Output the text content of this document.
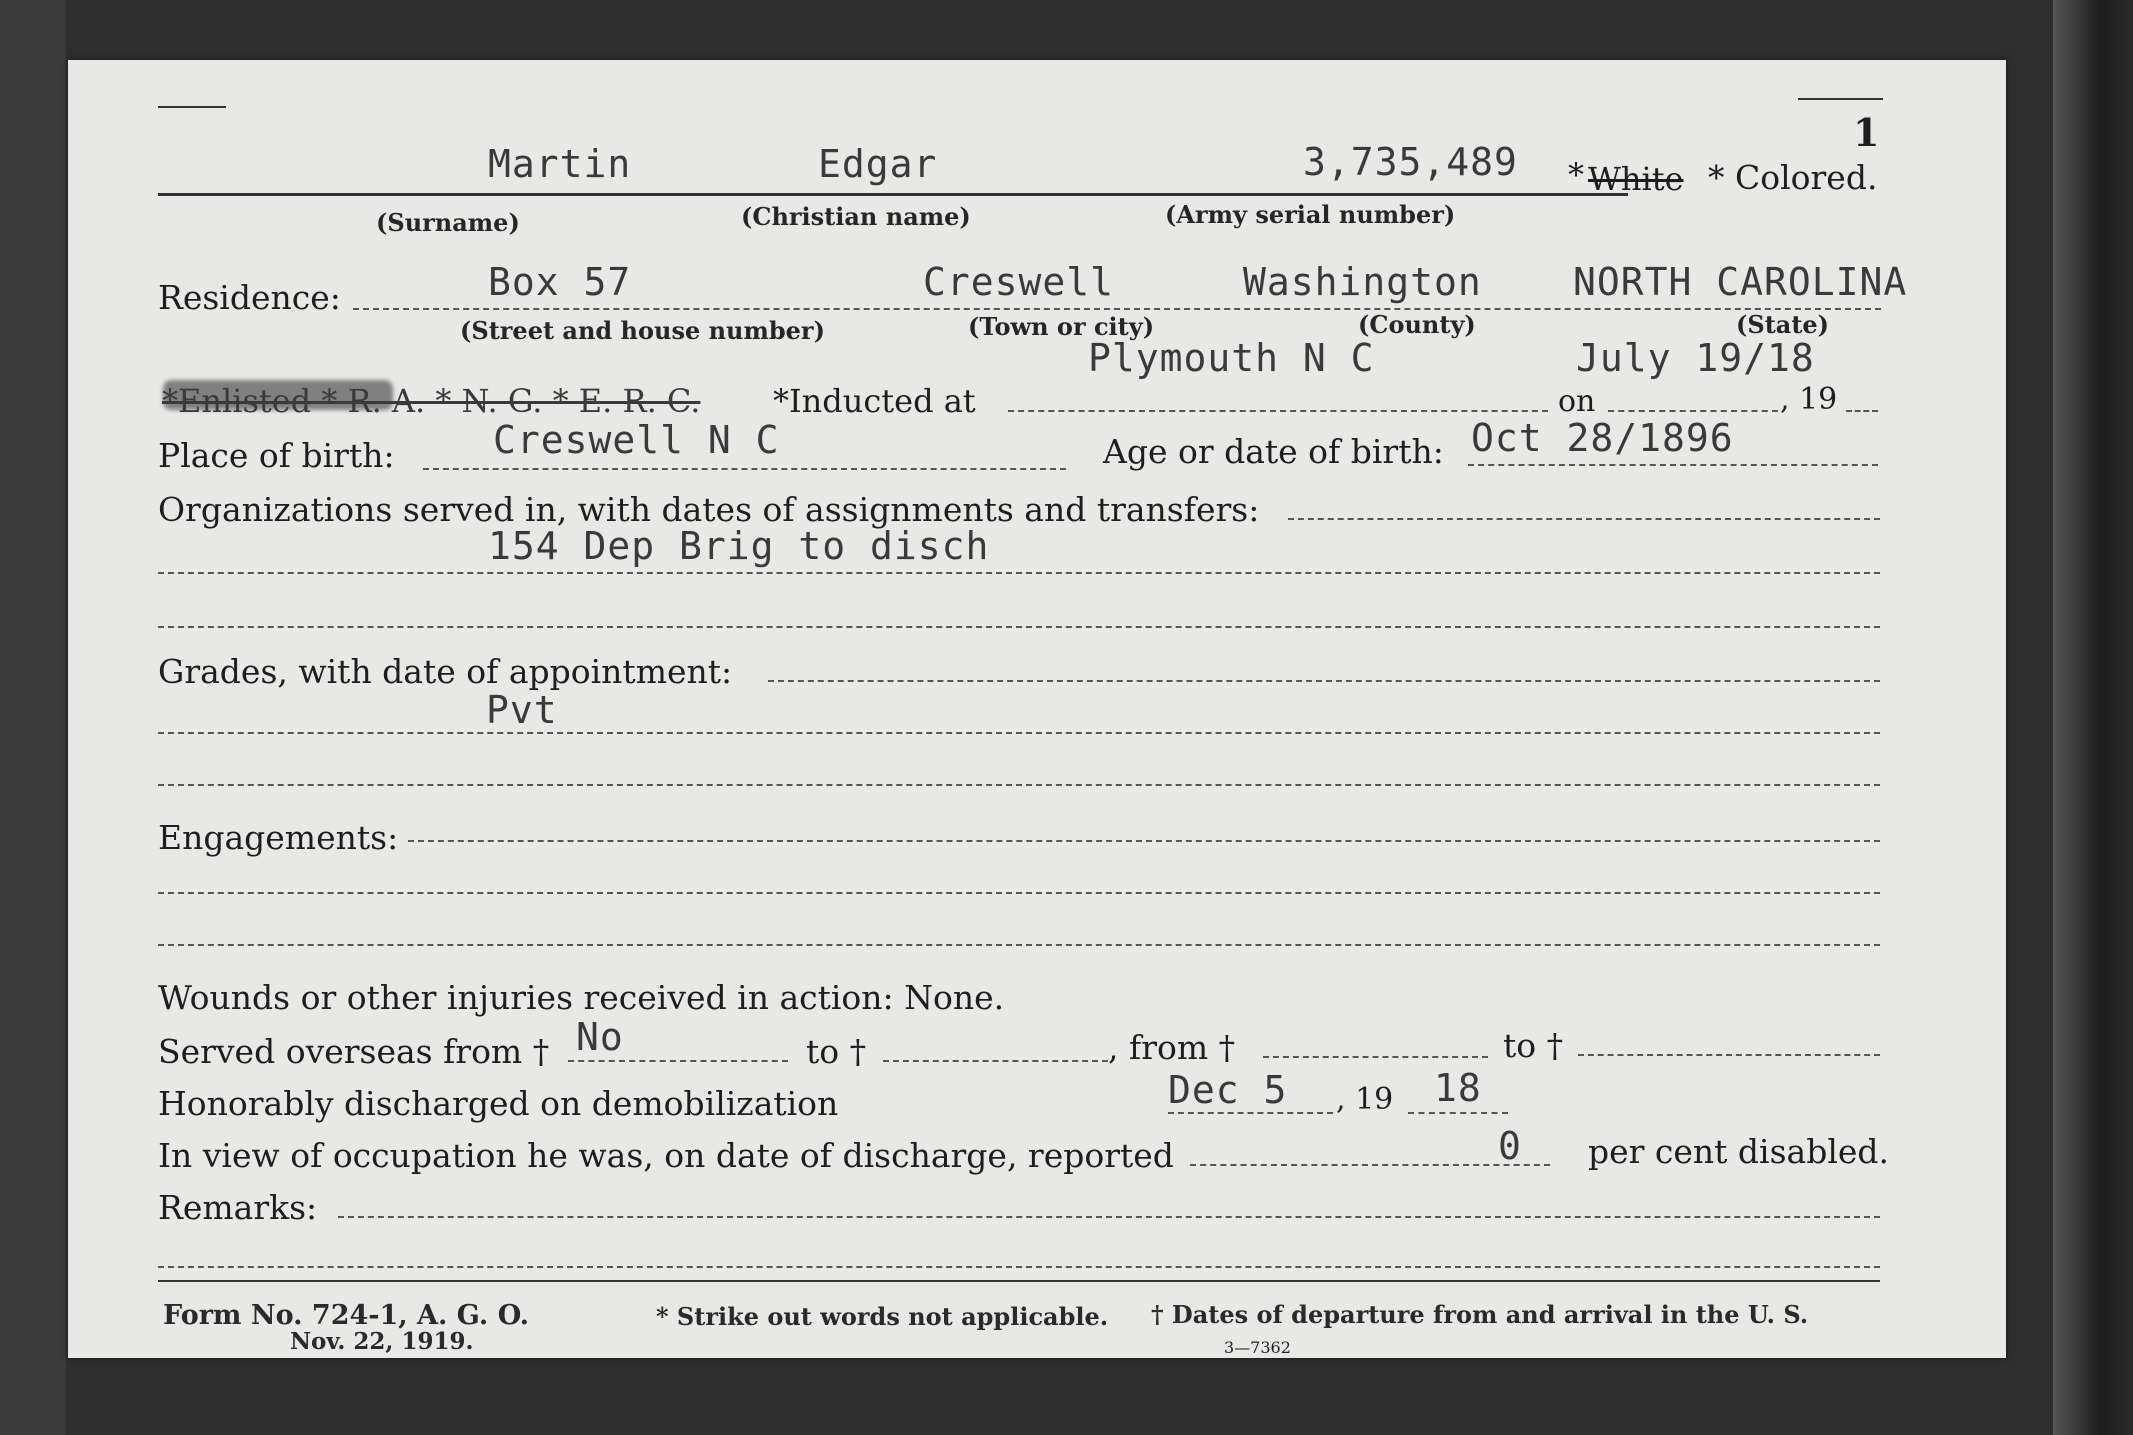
1
Martin	Edgar	3,735,489 * White * Colored.
(Surname)	(Christian name)	(Army serial number)
Residence:	Box 57	Creswell	Washington NORTH CAROLINA
(Street and house number)	(Town or city)	(County)	(State)
Plymouth N C	July 19/18
*Enlisted * R. A. * N. G. * E. R. C. *Inducted at	on	, 19
Place of birth:	Creswell N C	Age or date of birth: Oct 28/1896
Organizations served in, with dates of assignments and transfers:
154 Dep Brig to disch
Grades, with date of appointment:
Pvt
Engagements:
Wounds or other injuries received in action: None.
Served overseas from † No	to †	, from †	to †
Honorably discharged on demobilization	Dec 5 , 19 18
In view of occupation he was, on date of discharge, reported	0 per cent disabled.
Remarks:
Form No. 724-1, A. G. O.
Nov. 22, 1919.
* Strike out words not applicable. † Dates of departure from and arrival in the U. S.
3—7362
